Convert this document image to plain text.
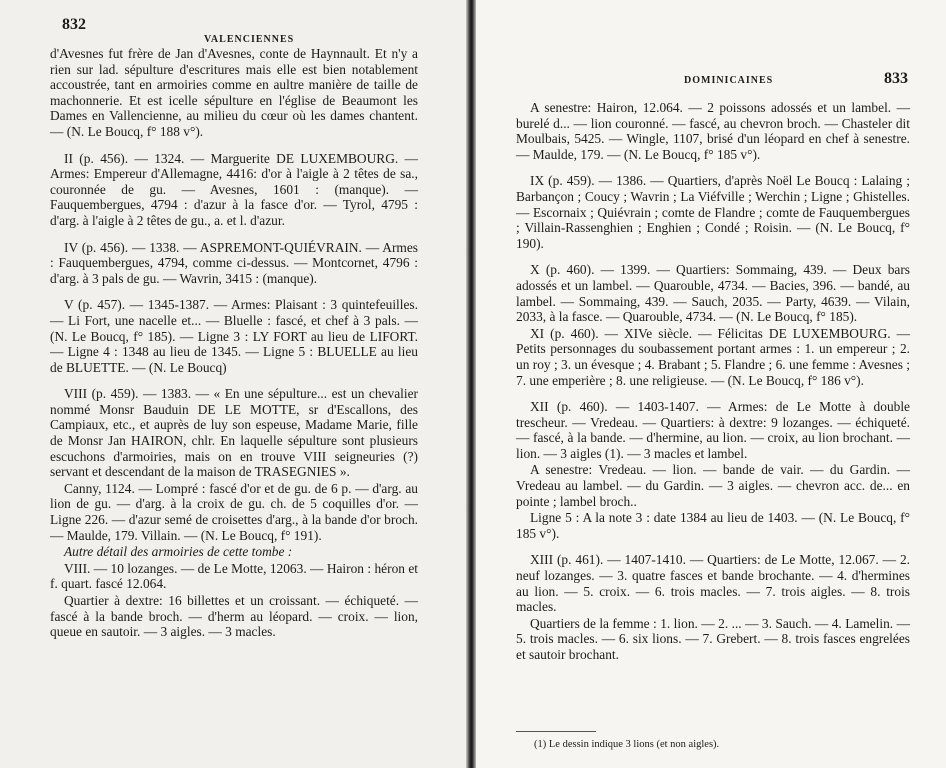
832
VALENCIENNES

d'Avesnes fut frère de Jan d'Avesnes, conte de Haynnault. Et n'y a rien sur lad. sépulture d'escritures mais elle est bien notablement accoustrée, tant en armoiries comme en aultre manière de taille de machonnerie. Et est icelle sépulture en l'église de Beaumont les Dames en Vallencienne, au milieu du cœur où les dames chantent. — (N. Le Boucq, f° 188 v°).

II (p. 456). — 1324. — Marguerite DE LUXEMBOURG. — Armes: Empereur d'Allemagne, 4416: d'or à l'aigle à 2 têtes de sa., couronnée de gu. — Avesnes, 1601 : (manque). — Fauquembergues, 4794 : d'azur à la fasce d'or. — Tyrol, 4795 : d'arg. à l'aigle à 2 têtes de gu., a. et l. d'azur.

IV (p. 456). — 1338. — ASPREMONT-QUIÉVRAIN. — Armes : Fauquembergues, 4794, comme ci-dessus. — Montcornet, 4796 : d'arg. à 3 pals de gu. — Wavrin, 3415 : (manque).

V (p. 457). — 1345-1387. — Armes: Plaisant : 3 quintefeuilles. — Li Fort, une nacelle et... — Bluelle : fascé, et chef à 3 pals. — (N. Le Boucq, f° 185). — Ligne 3 : LY FORT au lieu de LIFORT. — Ligne 4 : 1348 au lieu de 1345. — Ligne 5 : BLUELLE au lieu de BLUETTE. — (N. Le Boucq)

VIII (p. 459). — 1383. — « En une sépulture... est un chevalier nommé Monsr Bauduin DE LE MOTTE, sr d'Escallons, des Campiaux, etc., et auprès de luy son espeuse, Madame Marie, fille de Monsr Jan HAIRON, chlr. En laquelle sépulture sont plusieurs escuchons d'armoiries, mais on en trouve VIII seigneuries (?) servant et descendant de la maison de TRASEGNIES ».

Canny, 1124. — Lompré : fascé d'or et de gu. de 6 p. — d'arg. au lion de gu. — d'arg. à la croix de gu. ch. de 5 coquilles d'or. — Ligne 226. — d'azur semé de croisettes d'arg., à la bande d'or broch. — Maulde, 179. Villain. — (N. Le Boucq, f° 191).

Autre détail des armoiries de cette tombe :

VIII. — 10 lozanges. — de Le Motte, 12063. — Hairon : héron et f. quart. fascé 12.064.

Quartier à dextre: 16 billettes et un croissant. — échiqueté. — fascé à la bande broch. — d'herm au léopard. — croix. — lion, queue en sautoir. — 3 aigles. — 3 macles.

DOMINICAINES	833

A senestre: Hairon, 12.064. — 2 poissons adossés et un lambel. — burelé d... — lion couronné. — fascé, au chevron broch. — Chasteler dit Moulbais, 5425. — Wingle, 1107, brisé d'un léopard en chef à senestre. — Maulde, 179. — (N. Le Boucq, f° 185 v°).

IX (p. 459). — 1386. — Quartiers, d'après Noël Le Boucq : Lalaing ; Barbançon ; Coucy ; Wavrin ; La Viéfville ; Werchin ; Ligne ; Ghistelles. — Escornaix ; Quiévrain ; comte de Flandre ; comte de Fauquembergues ; Villain-Rassenghien ; Enghien ; Condé ; Roisin. — (N. Le Boucq, f° 190).

X (p. 460). — 1399. — Quartiers: Sommaing, 439. — Deux bars adossés et un lambel. — Quarouble, 4734. — Bacies, 396. — bandé, au lambel. — Sommaing, 439. — Sauch, 2035. — Party, 4639. — Vilain, 2033, à la fasce. — Quarouble, 4734. — (N. Le Boucq, f° 185).

XI (p. 460). — XIVe siècle. — Félicitas DE LUXEMBOURG. — Petits personnages du soubassement portant armes : 1. un empereur ; 2. un roy ; 3. un évesque ; 4. Brabant ; 5. Flandre ; 6. une femme : Avesnes ; 7. une emperière ; 8. une religieuse. — (N. Le Boucq, f° 186 v°).

XII (p. 460). — 1403-1407. — Armes: de Le Motte à double trescheur. — Vredeau. — Quartiers: à dextre: 9 lozanges. — échiqueté. — fascé, à la bande. — d'hermine, au lion. — croix, au lion brochant. — lion. — 3 aigles (1). — 3 macles et lambel.

A senestre: Vredeau. — lion. — bande de vair. — du Gardin. — Vredeau au lambel. — du Gardin. — 3 aigles. — chevron acc. de... en pointe ; lambel broch..

Ligne 5 : A la note 3 : date 1384 au lieu de 1403. — (N. Le Boucq, f° 185 v°).

XIII (p. 461). — 1407-1410. — Quartiers: de Le Motte, 12.067. — 2. neuf lozanges. — 3. quatre fasces et bande brochante. — 4. d'hermines au lion. — 5. croix. — 6. trois macles. — 7. trois aigles. — 8. trois macles.

Quartiers de la femme : 1. lion. — 2. ... — 3. Sauch. — 4. Lamelin. — 5. trois macles. — 6. six lions. — 7. Grebert. — 8. trois fasces engrelées et sautoir brochant.

(1) Le dessin indique 3 lions (et non aigles).
